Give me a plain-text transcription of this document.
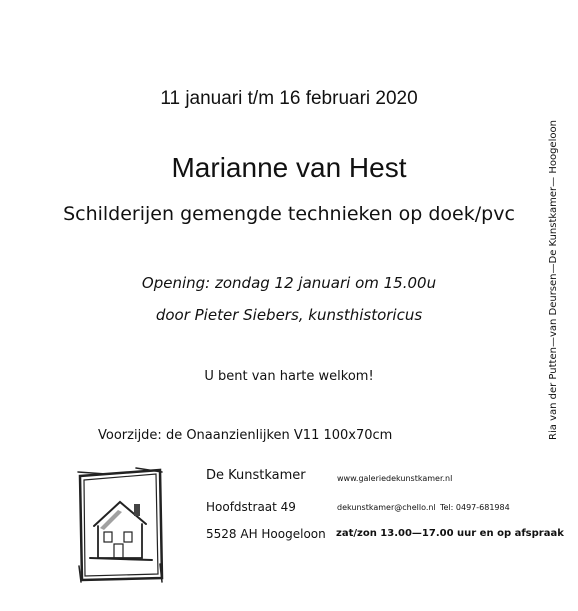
11 januari t/m 16 februari 2020
Marianne van Hest
Schilderijen gemengde technieken op doek/pvc
Opening: zondag 12 januari om 15.00u
door Pieter Siebers, kunsthistoricus
U bent van harte welkom!
Voorzijde: de Onaanzienlijken V11 100x70cm
De Kunstkamer
Hoofdstraat 49
5528 AH Hoogeloon
www.galeriedekunstkamer.nl
dekunstkamer@chello.nl Tel: 0497-681984
zat/zon 13.00—17.00 uur en op afspraak
Ria van der Putten—van Deursen—De Kunstkamer— Hoogeloon
